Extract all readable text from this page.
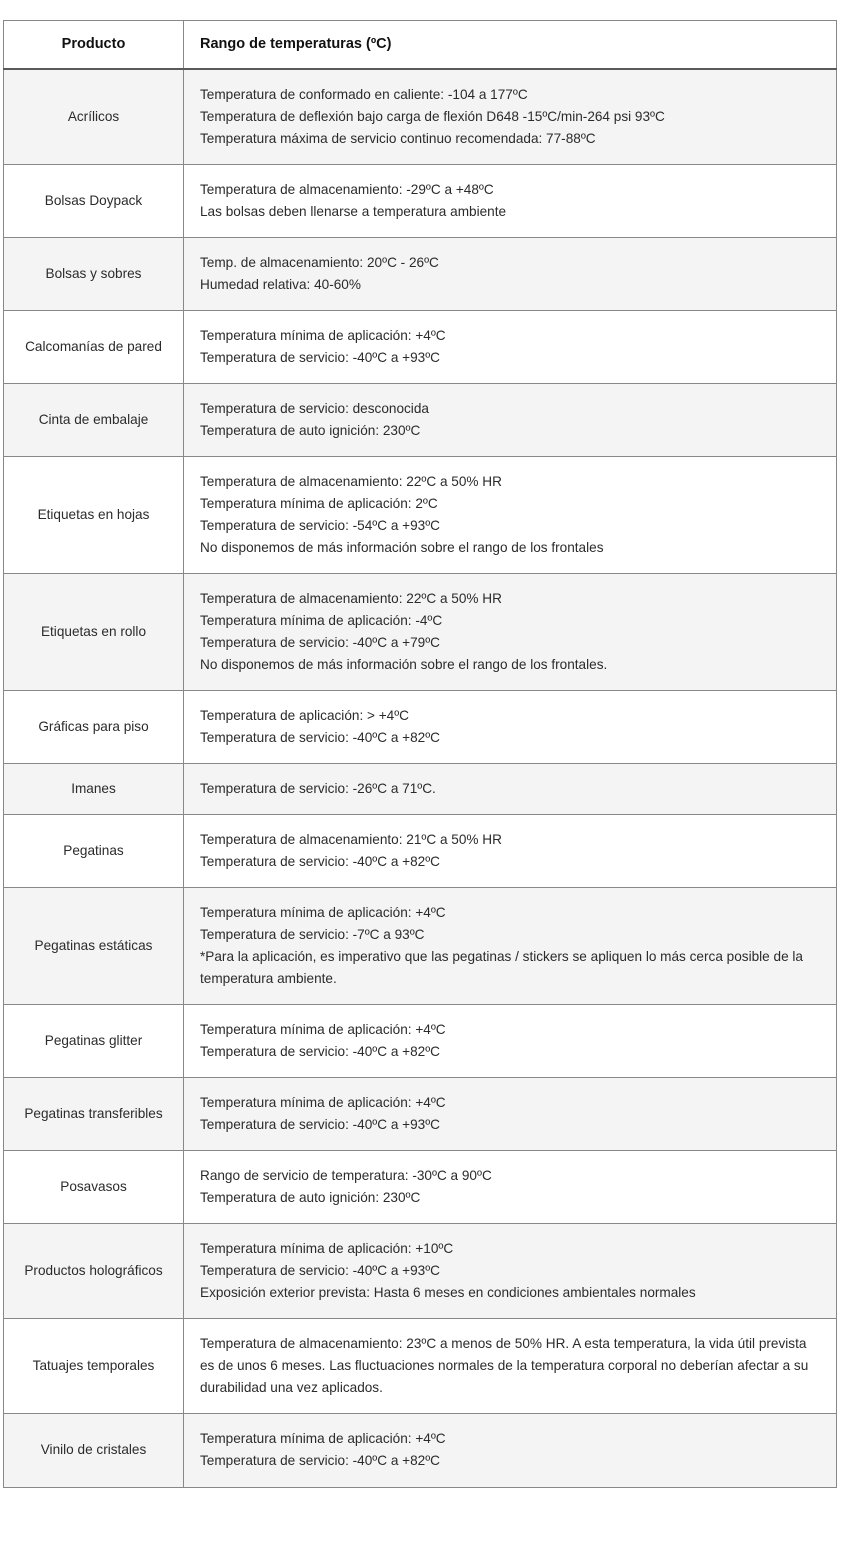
Producto	Rango de temperaturas (ºC)
Acrílicos	Temperatura de conformado en caliente: -104 a 177ºC
Temperatura de deflexión bajo carga de flexión D648 -15ºC/min-264 psi 93ºC
Temperatura máxima de servicio continuo recomendada: 77-88ºC

Bolsas Doypack	Temperatura de almacenamiento: -29ºC a +48ºC
Las bolsas deben llenarse a temperatura ambiente

Bolsas y sobres	Temp. de almacenamiento: 20ºC - 26ºC
Humedad relativa: 40-60%

Calcomanías de pared	Temperatura mínima de aplicación: +4ºC
Temperatura de servicio: -40ºC a +93ºC

Cinta de embalaje	Temperatura de servicio: desconocida
Temperatura de auto ignición: 230ºC

Etiquetas en hojas	Temperatura de almacenamiento: 22ºC a 50% HR
Temperatura mínima de aplicación: 2ºC
Temperatura de servicio: -54ºC a +93ºC
No disponemos de más información sobre el rango de los frontales

Etiquetas en rollo	Temperatura de almacenamiento: 22ºC a 50% HR
Temperatura mínima de aplicación: -4ºC
Temperatura de servicio: -40ºC a +79ºC
No disponemos de más información sobre el rango de los frontales.

Gráficas para piso	Temperatura de aplicación: > +4ºC
Temperatura de servicio: -40ºC a +82ºC

Imanes	Temperatura de servicio: -26ºC a 71ºC.

Pegatinas	Temperatura de almacenamiento: 21ºC a 50% HR
Temperatura de servicio: -40ºC a +82ºC

Pegatinas estáticas	Temperatura mínima de aplicación: +4ºC
Temperatura de servicio: -7ºC a 93ºC
*Para la aplicación, es imperativo que las pegatinas / stickers se apliquen lo más cerca posible de la temperatura ambiente.

Pegatinas glitter	Temperatura mínima de aplicación: +4ºC
Temperatura de servicio: -40ºC a +82ºC

Pegatinas transferibles	Temperatura mínima de aplicación: +4ºC
Temperatura de servicio: -40ºC a +93ºC

Posavasos	Rango de servicio de temperatura: -30ºC a 90ºC
Temperatura de auto ignición: 230ºC

Productos holográficos	Temperatura mínima de aplicación: +10ºC
Temperatura de servicio: -40ºC a +93ºC
Exposición exterior prevista: Hasta 6 meses en condiciones ambientales normales

Tatuajes temporales	Temperatura de almacenamiento: 23ºC a menos de 50% HR. A esta temperatura, la vida útil prevista es de unos 6 meses. Las fluctuaciones normales de la temperatura corporal no deberían afectar a su durabilidad una vez aplicados.

Vinilo de cristales	Temperatura mínima de aplicación: +4ºC
Temperatura de servicio: -40ºC a +82ºC
